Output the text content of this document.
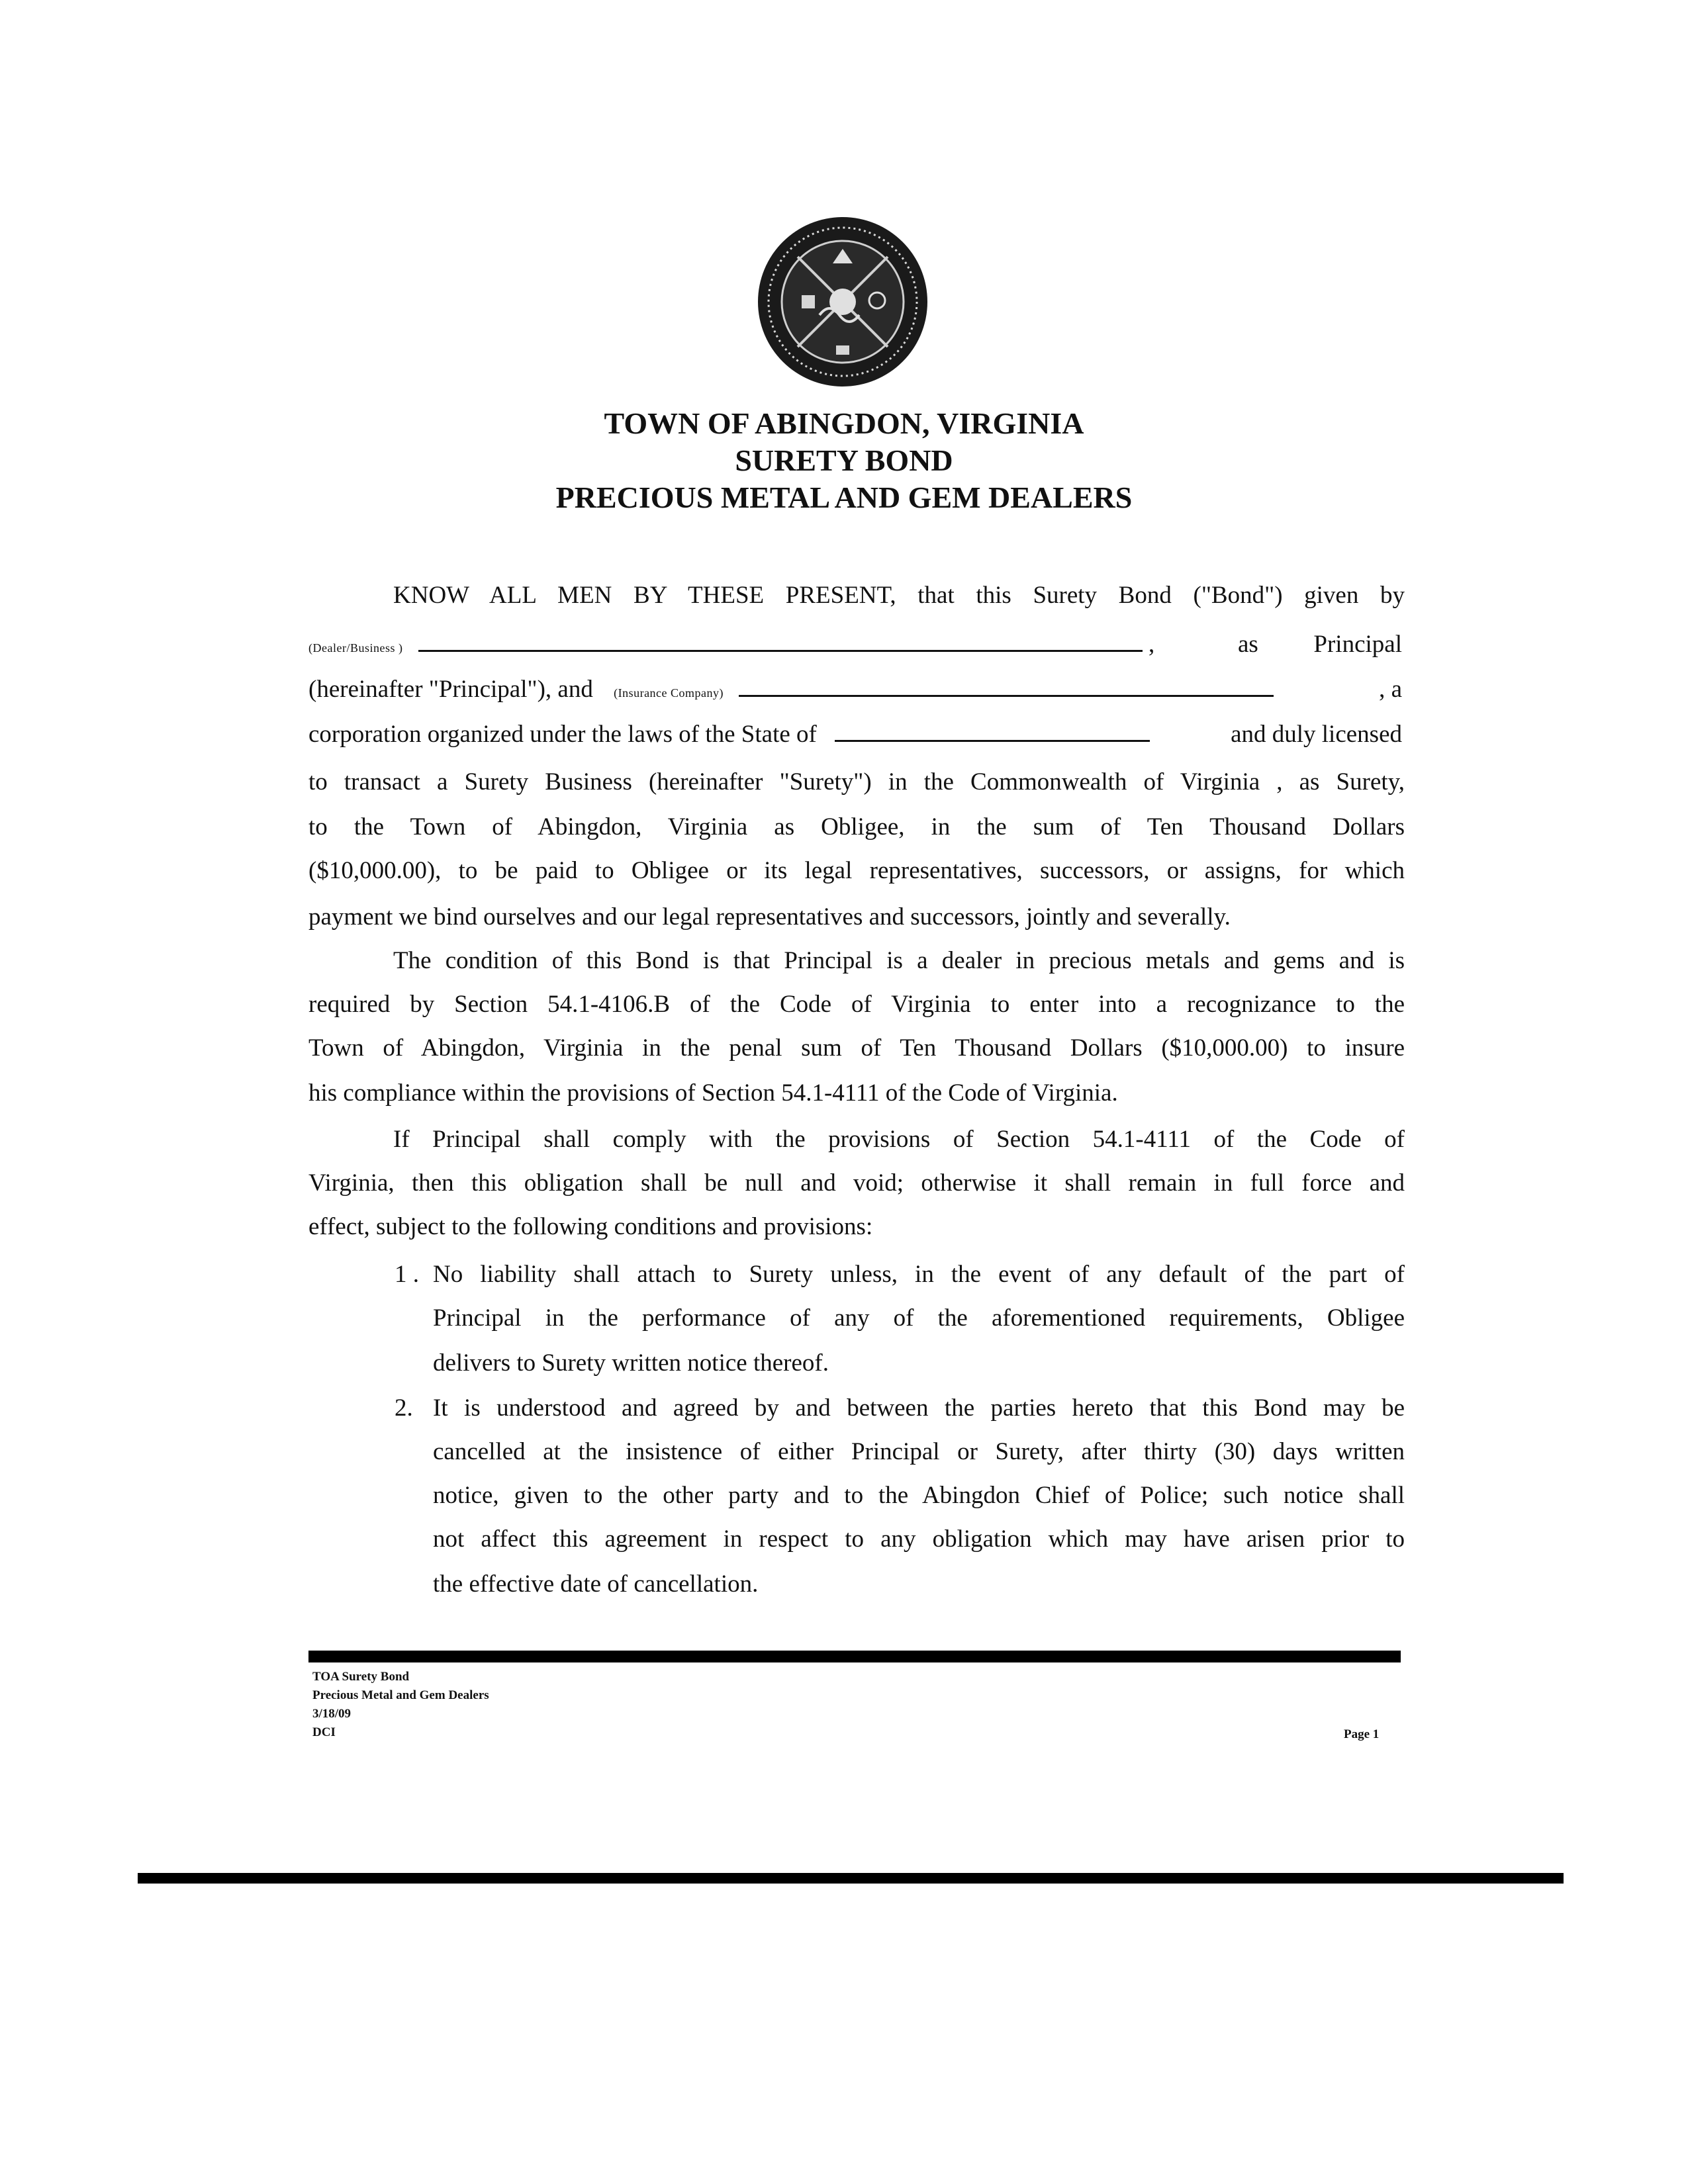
TOWN OF ABINGDON, VIRGINIA
SURETY BOND
PRECIOUS METAL AND GEM DEALERS
KNOW ALL MEN BY THESE PRESENT, that this Surety Bond ("Bond") given by
(Dealer/Business )	,	as Principal
(hereinafter "Principal"), and (Insurance Company)	, a
corporation organized under the laws of the State of	and duly licensed
to transact a Surety Business (hereinafter "Surety") in the Commonwealth of Virginia , as Surety,
to the Town of Abingdon, Virginia as Obligee, in the sum of Ten Thousand Dollars
($10,000.00), to be paid to Obligee or its legal representatives, successors, or assigns, for which
payment we bind ourselves and our legal representatives and successors, jointly and severally.
The condition of this Bond is that Principal is a dealer in precious metals and gems and is
required by Section 54.1-4106.B of the Code of Virginia to enter into a recognizance to the
Town of Abingdon, Virginia in the penal sum of Ten Thousand Dollars ($10,000.00) to insure
his compliance within the provisions of Section 54.1-4111 of the Code of Virginia.
If Principal shall comply with the provisions of Section 54.1-4111 of the Code of
Virginia, then this obligation shall be null and void; otherwise it shall remain in full force and
effect, subject to the following conditions and provisions:
1 . No liability shall attach to Surety unless, in the event of any default of the part of
Principal in the performance of any of the aforementioned requirements, Obligee
delivers to Surety written notice thereof.
2. It is understood and agreed by and between the parties hereto that this Bond may be
cancelled at the insistence of either Principal or Surety, after thirty (30) days written
notice, given to the other party and to the Abingdon Chief of Police; such notice shall
not affect this agreement in respect to any obligation which may have arisen prior to
the effective date of cancellation.
TOA Surety Bond
Precious Metal and Gem Dealers
3/18/09
DCI	Page 1
